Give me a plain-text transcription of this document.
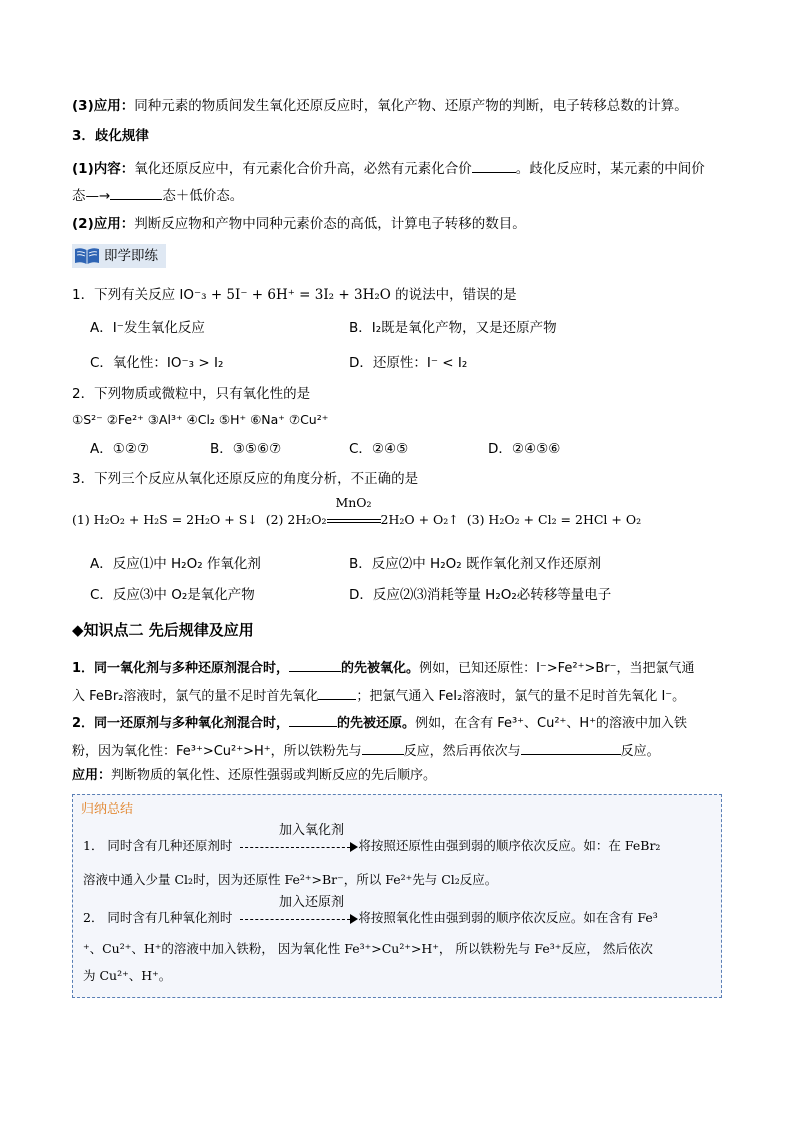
(3)应用：同种元素的物质间发生氧化还原反应时，氧化产物、还原产物的判断，电子转移总数的计算。
3．歧化规律
(1)内容：氧化还原反应中，有元素化合价升高，必然有元素化合价	。歧化反应时，某元素的中间价
态—→	态＋低价态。
(2)应用：判断反应物和产物中同种元素价态的高低，计算电子转移的数目。
即学即练
1．下列有关反应 IO⁻₃ + 5I⁻ + 6H⁺ = 3I₂ + 3H₂O 的说法中，错误的是
A．I⁻发生氧化反应	B．I₂既是氧化产物，又是还原产物
C．氧化性：IO⁻₃ > I₂	D．还原性：I⁻ < I₂
2．下列物质或微粒中，只有氧化性的是
①S²⁻ ②Fe²⁺ ③Al³⁺ ④Cl₂ ⑤H⁺ ⑥Na⁺ ⑦Cu²⁺
A．①②⑦	B．③⑤⑥⑦	C．②④⑤	D．②④⑤⑥
3．下列三个反应从氧化还原反应的角度分析，不正确的是
(1) H₂O₂ + H₂S = 2H₂O + S↓ (2) 2H₂O₂
MnO₂
2H₂O + O₂↑ (3) H₂O₂ + Cl₂ = 2HCl + O₂
A．反应⑴中 H₂O₂ 作氧化剂	B．反应⑵中 H₂O₂ 既作氧化剂又作还原剂
C．反应⑶中 O₂是氧化产物	D．反应⑵⑶消耗等量 H₂O₂必转移等量电子
◆知识点二 先后规律及应用
1．同一氧化剂与多种还原剂混合时，	的先被氧化。例如，已知还原性：I⁻>Fe²⁺>Br⁻，当把氯气通
入 FeBr₂溶液时，氯气的量不足时首先氧化	；把氯气通入 FeI₂溶液时，氯气的量不足时首先氧化 I⁻。
2．同一还原剂与多种氧化剂混合时，	的先被还原。例如，在含有 Fe³⁺、Cu²⁺、H⁺的溶液中加入铁
粉，因为氧化性：Fe³⁺>Cu²⁺>H⁺，所以铁粉先与	反应，然后再依次与	反应。
应用：判断物质的氧化性、还原性强弱或判断反应的先后顺序。
归纳总结
加入氧化剂
1． 同时含有几种还原剂时	将按照还原性由强到弱的顺序依次反应。如：在 FeBr₂
溶液中通入少量 Cl₂时，因为还原性 Fe²⁺>Br⁻，所以 Fe²⁺先与 Cl₂反应。
加入还原剂
2． 同时含有几种氧化剂时	将按照氧化性由强到弱的顺序依次反应。如在含有 Fe³
⁺、Cu²⁺、H⁺的溶液中加入铁粉， 因为氧化性 Fe³⁺>Cu²⁺>H⁺， 所以铁粉先与 Fe³⁺反应， 然后依次
为 Cu²⁺、H⁺。
